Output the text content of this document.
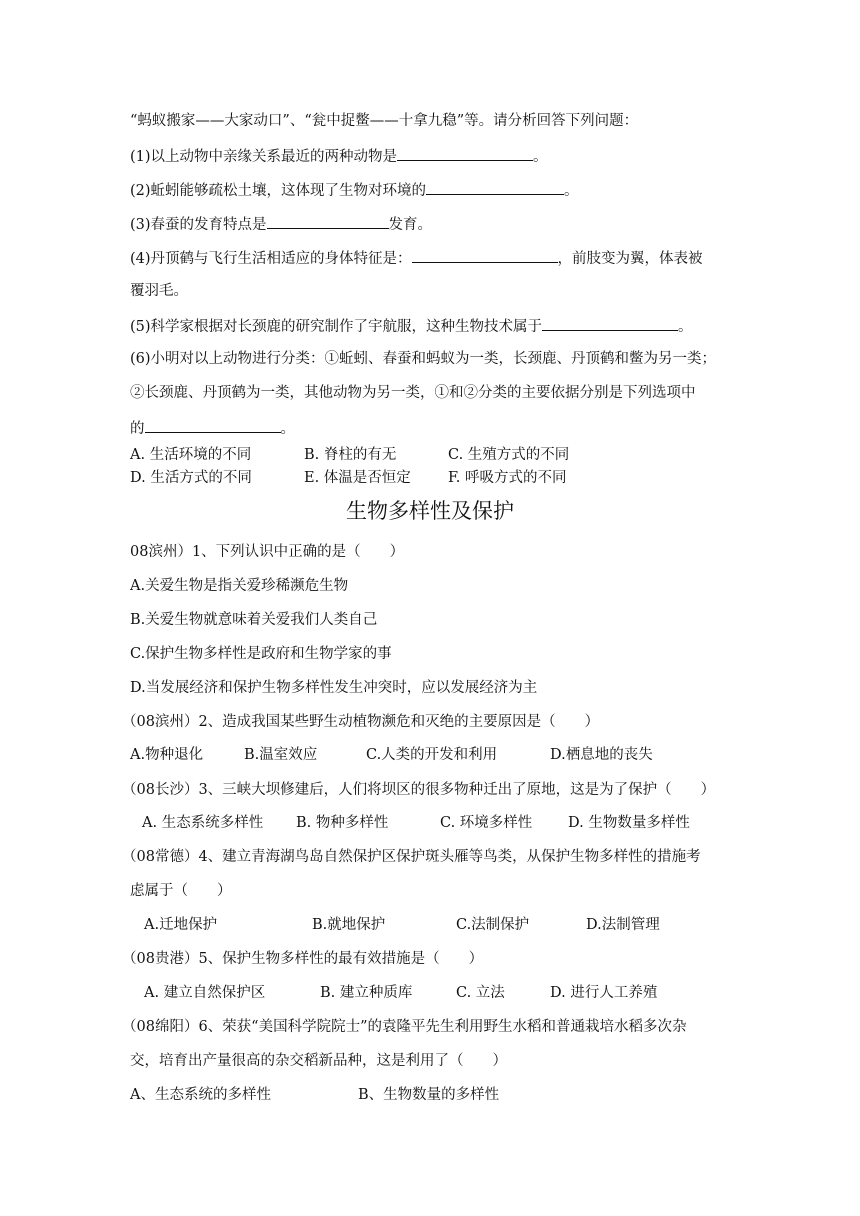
“蚂蚁搬家——大家动口”、“瓮中捉鳖——十拿九稳”等。请分析回答下列问题：
(1)以上动物中亲缘关系最近的两种动物是	。
(2)蚯蚓能够疏松土壤，这体现了生物对环境的	。
(3)春蚕的发育特点是	发育。
(4)丹顶鹤与飞行生活相适应的身体特征是：	，前肢变为翼，体表被
覆羽毛。
(5)科学家根据对长颈鹿的研究制作了宇航服，这种生物技术属于	。
(6)小明对以上动物进行分类：①蚯蚓、春蚕和蚂蚁为一类，长颈鹿、丹顶鹤和鳖为另一类；
②长颈鹿、丹顶鹤为一类，其他动物为另一类，①和②分类的主要依据分别是下列选项中
的	。
A. 生活环境的不同	B. 脊柱的有无	C. 生殖方式的不同
D. 生活方式的不同	E. 体温是否恒定	F. 呼吸方式的不同
生物多样性及保护
08滨州）1、下列认识中正确的是（　　）
A.关爱生物是指关爱珍稀濒危生物
B.关爱生物就意味着关爱我们人类自己
C.保护生物多样性是政府和生物学家的事
D.当发展经济和保护生物多样性发生冲突时，应以发展经济为主
（08滨州）2、造成我国某些野生动植物濒危和灭绝的主要原因是（　　）
A.物种退化	B.温室效应	C.人类的开发和利用	D.栖息地的丧失
（08长沙）3、三峡大坝修建后，人们将坝区的很多物种迁出了原地，这是为了保护（　　）
A. 生态系统多样性 B. 物种多样性	C. 环境多样性 D. 生物数量多样性
（08常德）4、建立青海湖鸟岛自然保护区保护斑头雁等鸟类，从保护生物多样性的措施考
虑属于（　　）
A.迁地保护	B.就地保护	C.法制保护	D.法制管理
（08贵港）5、保护生物多样性的最有效措施是（　　）
A. 建立自然保护区	B. 建立种质库	C. 立法	D. 进行人工养殖
（08绵阳）6、荣获“美国科学院院士”的袁隆平先生利用野生水稻和普通栽培水稻多次杂
交，培育出产量很高的杂交稻新品种，这是利用了（　　）
A、生态系统的多样性	B、生物数量的多样性
